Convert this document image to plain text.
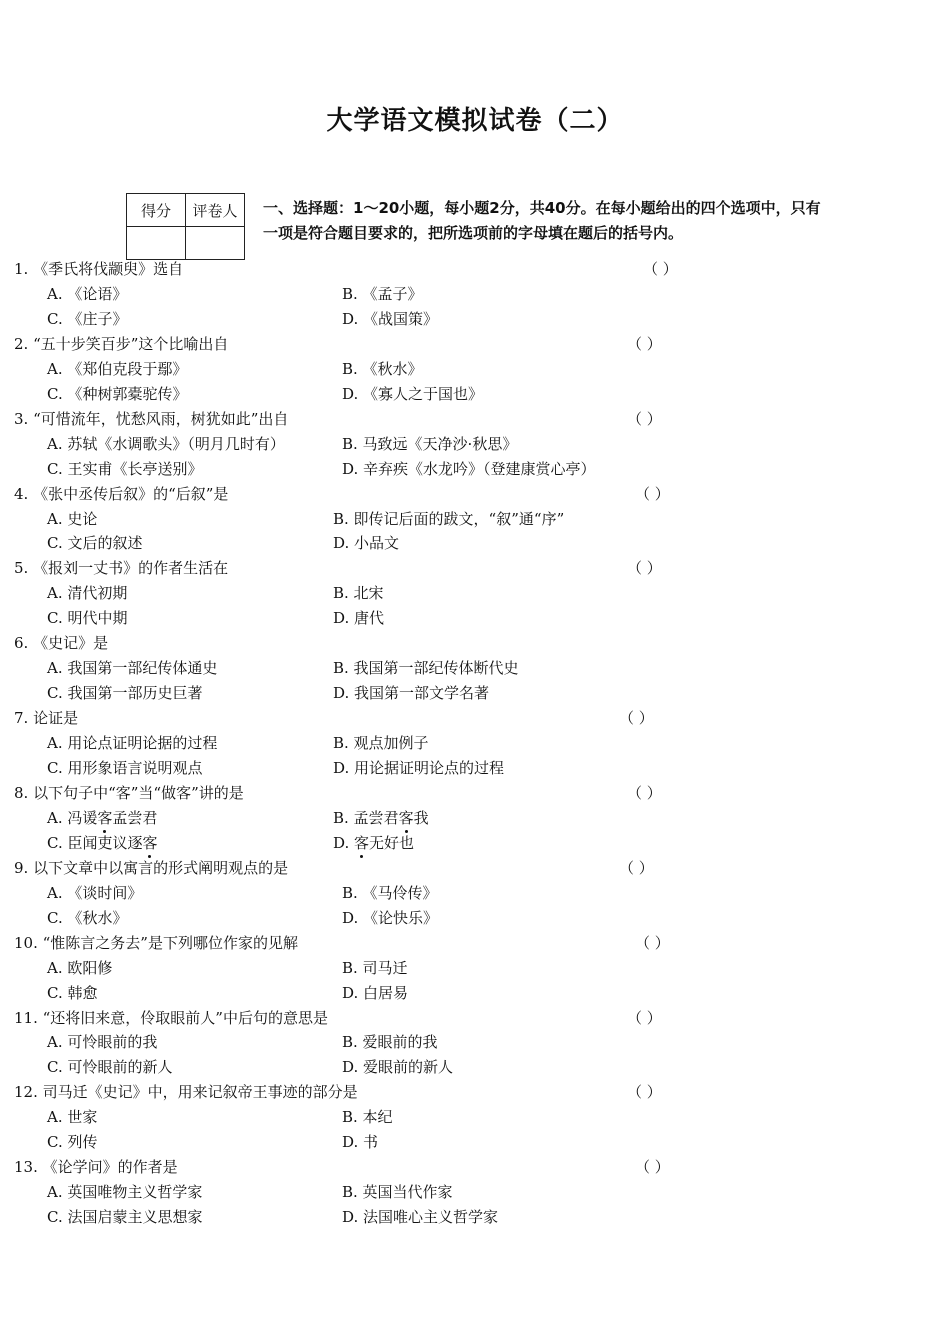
大学语文模拟试卷（二）
得分	评卷人
	一、选择题：1～20小题，每小题2分，共40分。在每小题给出的四个选项中，只有一项是符合题目要求的，把所选项前的字母填在题后的括号内。
1. 《季氏将伐颛臾》选自	（ ）
A. 《论语》	B. 《孟子》
C. 《庄子》	D. 《战国策》
2. “五十步笑百步”这个比喻出自	（ ）
A. 《郑伯克段于鄢》	B. 《秋水》
C. 《种树郭橐驼传》	D. 《寡人之于国也》
3. “可惜流年，忧愁风雨，树犹如此”出自	（ ）
A. 苏轼《水调歌头》（明月几时有）	B. 马致远《天净沙·秋思》
C. 王实甫《长亭送别》	D. 辛弃疾《水龙吟》（登建康赏心亭）
4. 《张中丞传后叙》的“后叙”是	（ ）
A. 史论	B. 即传记后面的跋文，“叙”通“序”
C. 文后的叙述	D. 小品文
5. 《报刘一丈书》的作者生活在	（ ）
A. 清代初期	B. 北宋
C. 明代中期	D. 唐代
6. 《史记》是
A. 我国第一部纪传体通史	B. 我国第一部纪传体断代史
C. 我国第一部历史巨著	D. 我国第一部文学名著
7. 论证是	（ ）
A. 用论点证明论据的过程	B. 观点加例子
C. 用形象语言说明观点	D. 用论据证明论点的过程
8. 以下句子中“客”当“做客”讲的是	（ ）
A. 冯谖客孟尝君	B. 孟尝君客我
C. 臣闻吏议逐客	D. 客无好也
9. 以下文章中以寓言的形式阐明观点的是	（ ）
A. 《谈时间》	B. 《马伶传》
C. 《秋水》	D. 《论快乐》
10. “惟陈言之务去”是下列哪位作家的见解	（ ）
A. 欧阳修	B. 司马迁
C. 韩愈	D. 白居易
11. “还将旧来意，伶取眼前人”中后句的意思是	（ ）
A. 可怜眼前的我	B. 爱眼前的我
C. 可怜眼前的新人	D. 爱眼前的新人
12. 司马迁《史记》中，用来记叙帝王事迹的部分是	（ ）
A. 世家	B. 本纪
C. 列传	D. 书
13. 《论学问》的作者是	（ ）
A. 英国唯物主义哲学家	B. 英国当代作家
C. 法国启蒙主义思想家	D. 法国唯心主义哲学家
